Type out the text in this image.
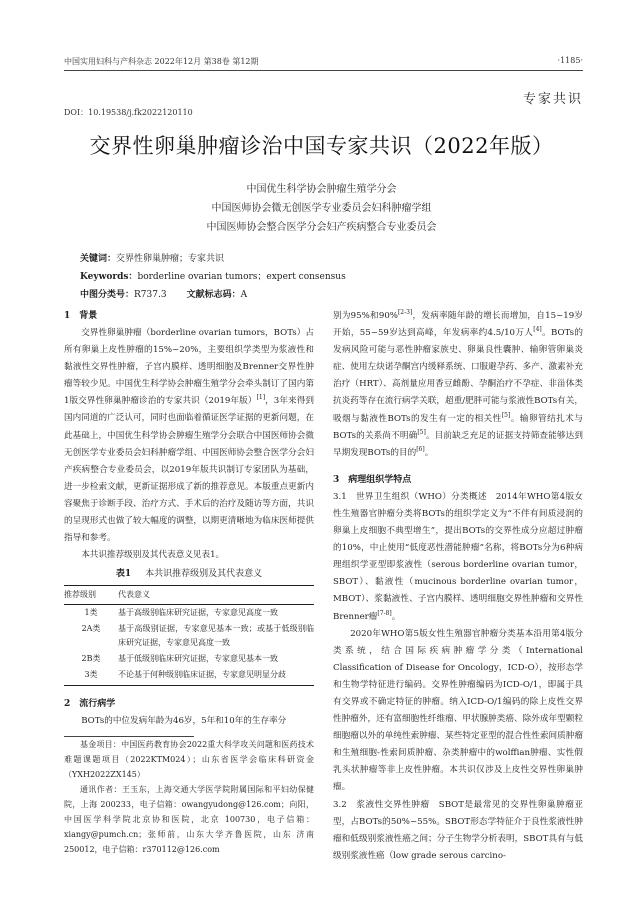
中国实用妇科与产科杂志 2022年12月 第38卷 第12期	·1185·
专家共识
DOI：10.19538/j.fk2022120110
交界性卵巢肿瘤诊治中国专家共识（2022年版）
中国优生科学协会肿瘤生殖学分会
中国医师协会微无创医学专业委员会妇科肿瘤学组
中国医师协会整合医学分会妇产疾病整合专业委员会
关键词：交界性卵巢肿瘤；专家共识
Keywords：borderline ovarian tumors；expert consensus
中图分类号：R737.3 文献标志码：A
1　背景

交界性卵巢肿瘤（borderline ovarian tumors，BOTs）占所有卵巢上皮性肿瘤的15%~20%，主要组织学类型为浆液性和黏液性交界性肿瘤，子宫内膜样、透明细胞及Brenner交界性肿瘤等较少见。中国优生科学协会肿瘤生殖学分会牵头制订了国内第1版交界性卵巢肿瘤诊治的专家共识（2019年版）[1]，3年来得到国内同道的广泛认可，同时也面临着循证医学证据的更新问题，在此基础上，中国优生科学协会肿瘤生殖学分会联合中国医师协会微无创医学专业委员会妇科肿瘤学组、中国医师协会整合医学分会妇产疾病整合专业委员会，以2019年版共识制订专家团队为基础，进一步检索文献，更新证据形成了新的推荐意见。本版重点更新内容聚焦于诊断手段、治疗方式、手术后的治疗及随访等方面，共识的呈现形式也做了较大幅度的调整，以期更清晰地为临床医师提供指导和参考。

本共识推荐级别及其代表意义见表1。

表1 本共识推荐级别及其代表意义
推荐级别	代表意义
1类	基于高级别临床研究证据，专家意见高度一致
2A类	基于高级别证据，专家意见基本一致；或基于低级别临床研究证据，专家意见高度一致
2B类	基于低级别临床研究证据，专家意见基本一致
3类	不论基于何种级别临床证据，专家意见明显分歧
2　流行病学

BOTs的中位发病年龄为46岁，5年和10年的生存率分

基金项目：中国医药教育协会2022重大科学攻关问题和医药技术难题课题项目（2022KTM024）；山东省医学会临床科研资金（YXH2022ZX145）

通讯作者：王玉东，上海交通大学医学院附属国际和平妇幼保健院，上海 200233，电子信箱：owangyudong@126.com；向阳，中国医学科学院北京协和医院，北京 100730，电子信箱：xiangy@pumch.cn；张师前，山东大学齐鲁医院，山东 济南 250012，电子信箱：r370112@126.com

别为95%和90%[2-3]，发病率随年龄的增长而增加，自15~19岁开始，55~59岁达到高峰，年发病率约4.5/10万人[4]。BOTs的发病风险可能与恶性肿瘤家族史、卵巢良性囊肿、输卵管卵巢炎症、使用左炔诺孕酮宫内缓释系统、口服避孕药、多产、激素补充治疗（HRT）、高剂量应用香豆雌酚、孕酮治疗不孕症、非甾体类抗炎药等存在流行病学关联，超重/肥胖可能与浆液性BOTs有关，吸烟与黏液性BOTs的发生有一定的相关性[5]。输卵管结扎术与BOTs的关系尚不明确[5]。目前缺乏充足的证据支持筛查能够达到早期发现BOTs的目的[6]。

3　病理组织学特点

3.1　世界卫生组织（WHO）分类概述　2014年WHO第4版女性生殖器官肿瘤分类将BOTs的组织学定义为“不伴有间质浸润的卵巢上皮细胞不典型增生”，提出BOTs的交界性成分应超过肿瘤的10%，中止使用“低度恶性潜能肿瘤”名称，将BOTs分为6种病理组织学亚型即浆液性（serous borderline ovarian tumor，SBOT）、黏液性（mucinous borderline ovarian tumor，MBOT）、浆黏液性、子宫内膜样、透明细胞交界性肿瘤和交界性Brenner瘤[7-8]。

2020年WHO第5版女性生殖器官肿瘤分类基本沿用第4版分类系统，结合国际疾病肿瘤学分类（International Classification of Disease for Oncology，ICD-O），按形态学和生物学特征进行编码。交界性肿瘤编码为ICD-O/1，即属于具有交界或不确定特征的肿瘤。纳入ICD-O/1编码的除上皮性交界性肿瘤外，还有富细胞性纤维瘤、甲状腺肿类癌、除外成年型颗粒细胞瘤以外的单纯性索肿瘤、某些特定亚型的混合性性索间质肿瘤和生殖细胞-性索间质肿瘤、杂类肿瘤中的wolffian肿瘤、实性假乳头状肿瘤等非上皮性肿瘤。本共识仅涉及上皮性交界性卵巢肿瘤。

3.2　浆液性交界性肿瘤　SBOT是最常见的交界性卵巢肿瘤亚型，占BOTs的50%~55%。SBOT形态学特征介于良性浆液性肿瘤和低级别浆液性癌之间；分子生物学分析表明，SBOT具有与低级别浆液性癌（low grade serous carcino-
